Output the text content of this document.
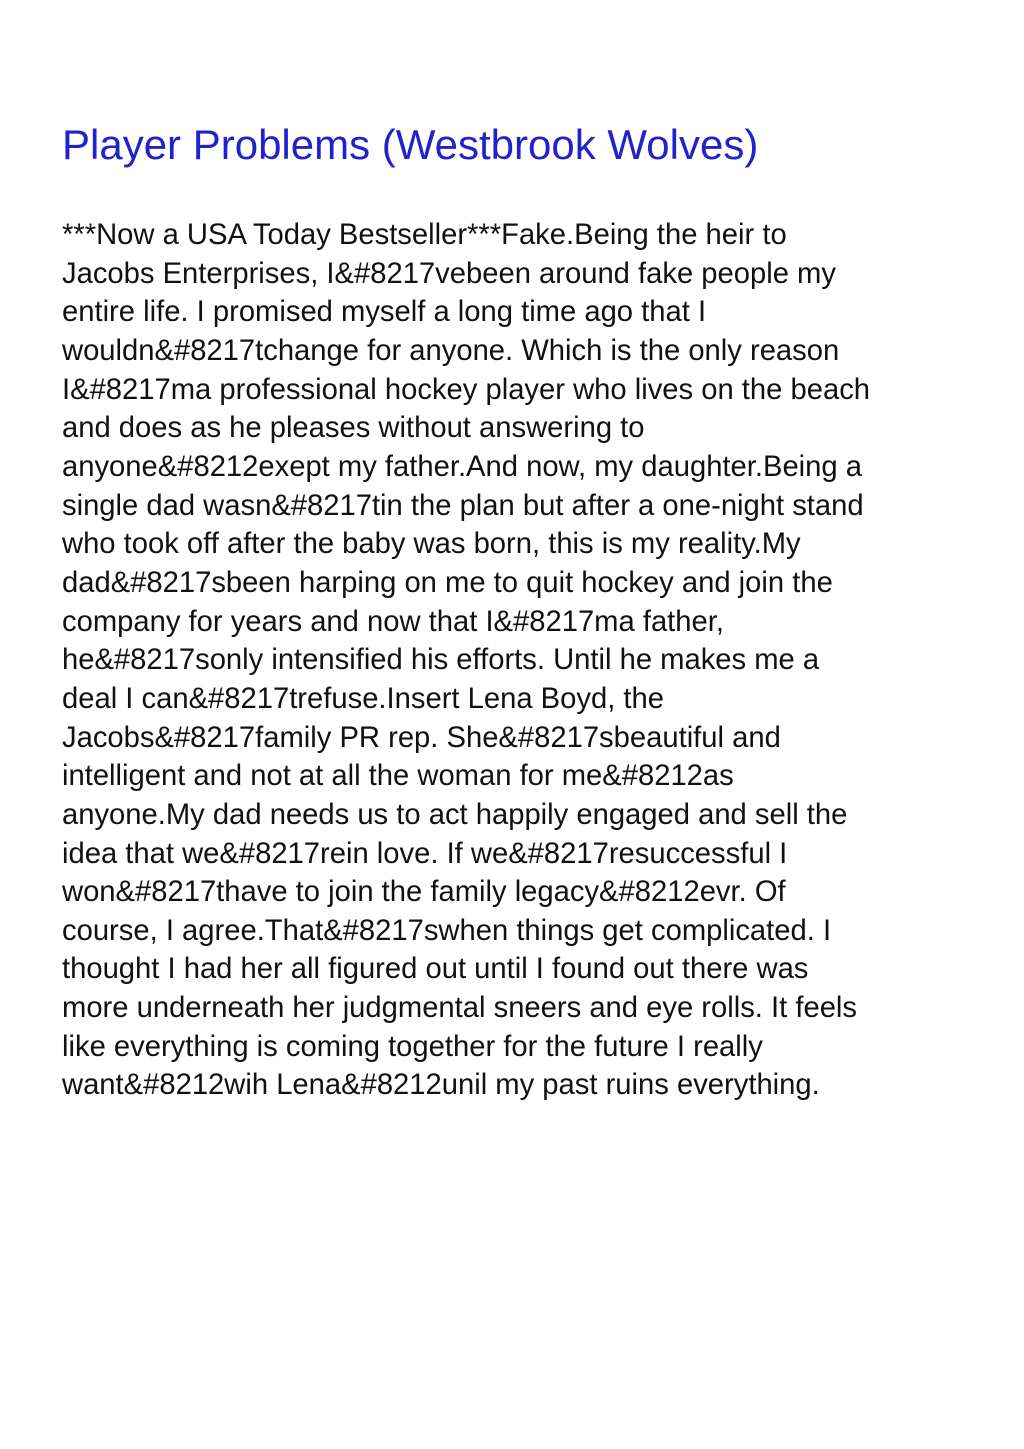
Player Problems (Westbrook Wolves)

***Now a USA Today Bestseller***Fake.Being the heir to
Jacobs Enterprises, I&#8217vebeen around fake people my
entire life. I promised myself a long time ago that I
wouldn&#8217tchange for anyone. Which is the only reason
I&#8217ma professional hockey player who lives on the beach
and does as he pleases without answering to
anyone&#8212exept my father.And now, my daughter.Being a
single dad wasn&#8217tin the plan but after a one-night stand
who took off after the baby was born, this is my reality.My
dad&#8217sbeen harping on me to quit hockey and join the
company for years and now that I&#8217ma father,
he&#8217sonly intensified his efforts. Until he makes me a
deal I can&#8217trefuse.Insert Lena Boyd, the
Jacobs&#8217family PR rep. She&#8217sbeautiful and
intelligent and not at all the woman for me&#8212as
anyone.My dad needs us to act happily engaged and sell the
idea that we&#8217rein love. If we&#8217resuccessful I
won&#8217thave to join the family legacy&#8212evr. Of
course, I agree.That&#8217swhen things get complicated. I
thought I had her all figured out until I found out there was
more underneath her judgmental sneers and eye rolls. It feels
like everything is coming together for the future I really
want&#8212wih Lena&#8212unil my past ruins everything.
